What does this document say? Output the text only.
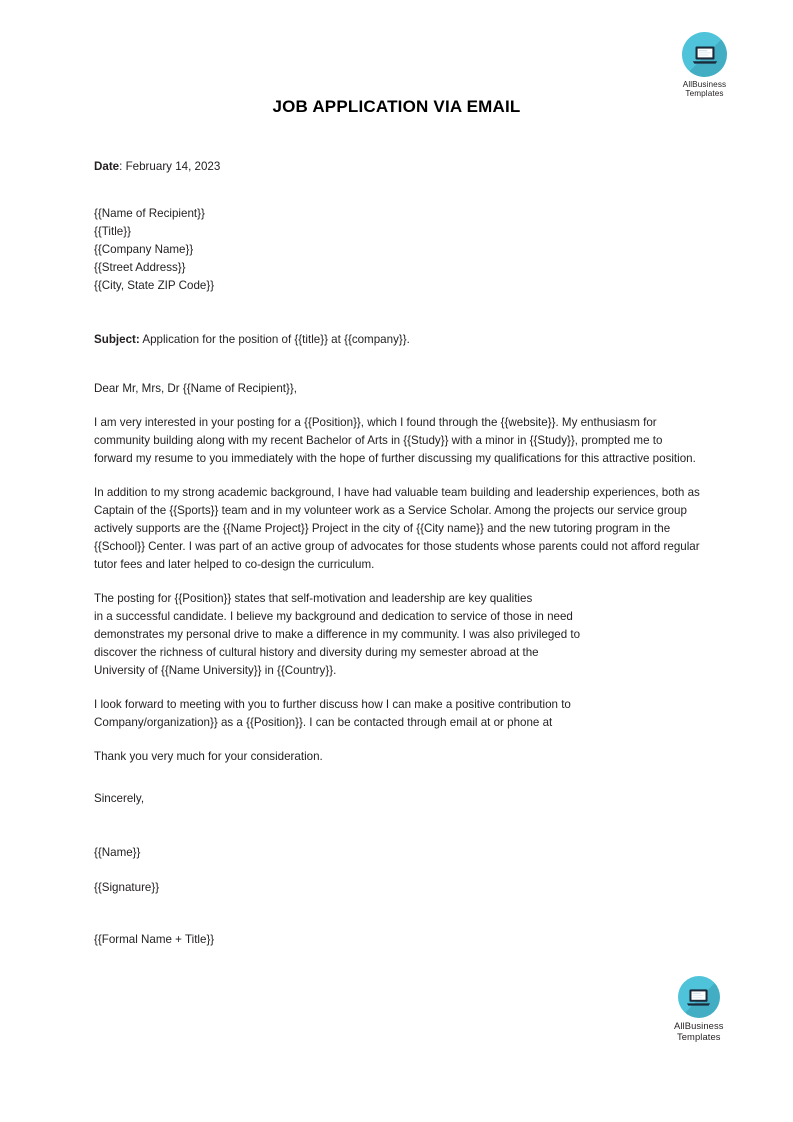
AllBusiness
Templates
JOB APPLICATION VIA EMAIL
Date: February 14, 2023
{{Name of Recipient}}
{{Title}}
{{Company Name}}
{{Street Address}}
{{City, State ZIP Code}}
Subject: Application for the position of {{title}} at {{company}}.
Dear Mr, Mrs, Dr {{Name of Recipient}},
I am very interested in your posting for a {{Position}}, which I found through the {{website}}. My enthusiasm for community building along with my recent Bachelor of Arts in {{Study}} with a minor in {{Study}}, prompted me to forward my resume to you immediately with the hope of further discussing my qualifications for this attractive position.
In addition to my strong academic background, I have had valuable team building and leadership experiences, both as Captain of the {{Sports}} team and in my volunteer work as a Service Scholar. Among the projects our service group actively supports are the {{Name Project}} Project in the city of {{City name}} and the new tutoring program in the {{School}} Center. I was part of an active group of advocates for those students whose parents could not afford regular tutor fees and later helped to co-design the curriculum.
The posting for {{Position}} states that self-motivation and leadership are key qualities
in a successful candidate. I believe my background and dedication to service of those in need
demonstrates my personal drive to make a difference in my community. I was also privileged to
discover the richness of cultural history and diversity during my semester abroad at the
University of {{Name University}} in {{Country}}.
I look forward to meeting with you to further discuss how I can make a positive contribution to
Company/organization}} as a {{Position}}. I can be contacted through email at or phone at
Thank you very much for your consideration.
Sincerely,
{{Name}}
{{Signature}}
{{Formal Name + Title}}
AllBusiness
Templates
